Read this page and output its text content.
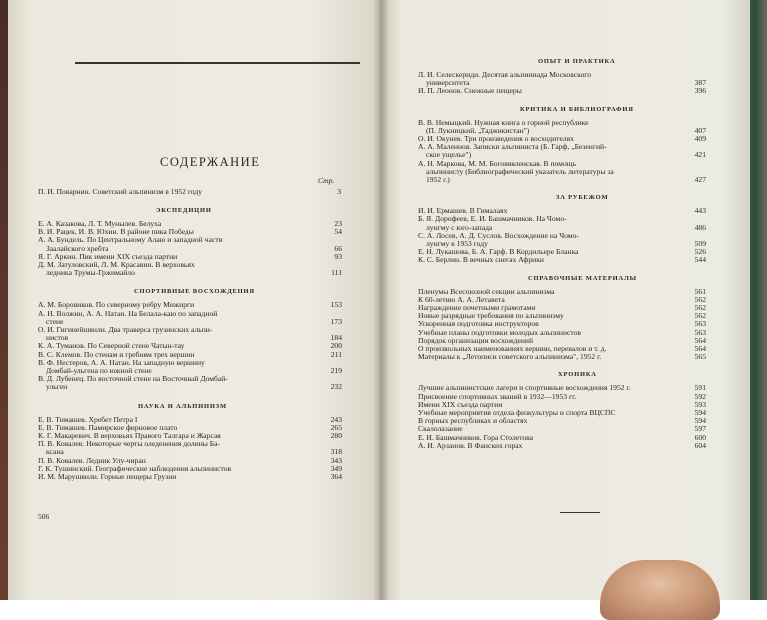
СОДЕРЖАНИЕ
Стр.
П. И. Поварнин. Советский альпинизм в 1952 году	3
506
ЭКСПЕДИЦИИ
Е. А. Казакова, Л. Т. Мунылев. Белуха	23
В. И. Рацек, И. В. Юхин. В районе пика Победы	54
А. А. Бундель. По Центральному Алаю и западной части
Заалайского хребта	66
Я. Г. Аркин. Пик имени XIX съезда партии	93
Д. М. Затуловский, Л. М. Красавин. В верховьях
ледника Трумы-Гржимайло	111
СПОРТИВНЫЕ ВОСХОЖДЕНИЯ
А. М. Боровиков. По северному ребру Мижирги	153
А. Н. Волжин, А. А. Натан. На Белала-каю по западной
стене	173
О. И. Гигинейшвили. Два траверса грузинских альпи-
нистов	184
К. А. Туманов. По Северной стене Чатын-тау	200
В. С. Клемов. По стенам и гребням трех вершин	211
В. Ф. Нестеров, А. А. Натан. На западную вершину
Домбай-ульгена по южной стене	219
В. Д. Лубенец. По восточной стене на Восточный Домбай-
ульген	232
НАУКА И АЛЬПИНИЗМ
Е. В. Тимашев. Хребет Петра I	243
Е. В. Тимашев. Памирское фирновое плато	265
К. Г. Макаревич. В верховьях Правого Талгара и Жарсая	280
П. В. Ковалев. Некоторые черты оледенения долины Ба-
ксана	318
П. В. Ковалев. Ледник Улу-чиран	343
Г. К. Тушинский. Географические наблюдения альпинистов	349
И. М. Марушвили. Горные пещеры Грузии	364
ОПЫТ И ПРАКТИКА
Л. И. Селескериди. Десятая альпиниада Московского
университета	387
И. П. Леонов. Снежные пещеры	396
КРИТИКА И БИБЛИОГРАФИЯ
В. В. Немыцкий. Нужная книга о горной республике
(П. Лукницкий, „Таджикистан")	407
О. И. Окунев. Три произведения о восходителях	409
А. А. Малеинов. Записки альпиниста (Б. Гарф, „Безенгий-
ское ущелье")	421
А. Н. Маркова, М. М. Боговявленская. В помощь
альпинисту (Библиографический указатель литературы за
1952 г.)	427
ЗА РУБЕЖОМ
И. И. Ермашев. В Гималаях	443
Б. Я. Дорофеев, Е. И. Башмачников. На Чомо-
лунгму с юго-запада	486
С. А. Лосев, А. Д. Суслов. Восхождение на Чомо-
лунгму в 1953 году	509
Е. Н. Лукашова, Б. А. Гарф. В Кордильере Бланка	526
К. С. Берлин. В вечных снегах Африки	544
СПРАВОЧНЫЕ МАТЕРИАЛЫ
Пленумы Всесоюзной секции альпинизма	561
К 60-летию А. А. Летавета	562
Награждение почетными грамотами	562
Новые разрядные требования по альпинизму	562
Ускоренная подготовка инструкторов	563
Учебные планы подготовки молодых альпинистов	563
Порядок организации восхождений	564
О произвольных наименованиях вершин, перевалов и т. д.	564
Материалы к „Летописи советского альпинизма", 1952 г.	565
ХРОНИКА
Лучшие альпинистские лагери и спортивные восхождения 1952 г.	591
Присвоение спортивных званий в 1932—1953 гг.	592
Имени XIX съезда партии	593
Учебные мероприятия отдела физкультуры и спорта ВЦСПС	594
В горных республиках и областях	594
Скалолазание	597
Е. И. Башмачников. Гора Столетова	600
А. И. Арзанов. В Фанских горах	604
